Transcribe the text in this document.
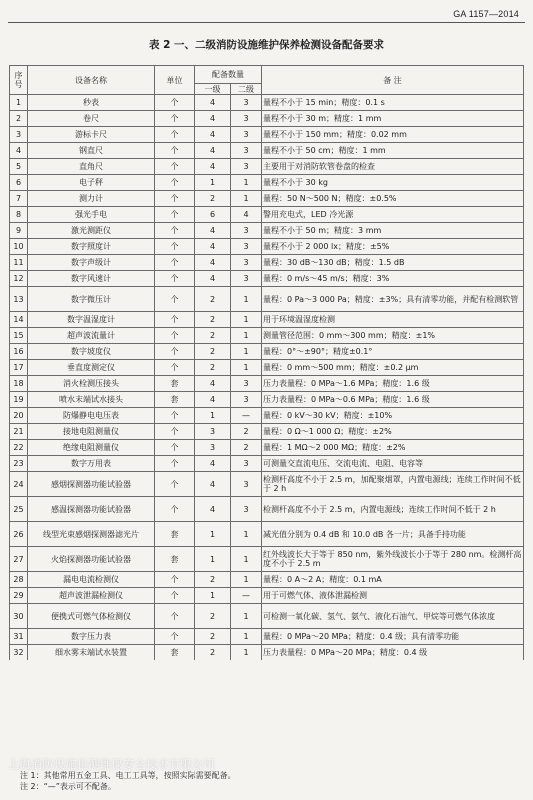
GA 1157—2014
表 2 一、二级消防设施维护保养检测设备配备要求
序号	设备名称	单位	配备数量		备 注
			一级	二级	
1	秒表	个	4	3	量程不小于 15 min；精度：0.1 s
2	卷尺	个	4	3	量程不小于 30 m；精度：1 mm
3	游标卡尺	个	4	3	量程不小于 150 mm；精度：0.02 mm
4	钢直尺	个	4	3	量程不小于 50 cm；精度：1 mm
5	直角尺	个	4	3	主要用于对消防软管卷盘的检查
6	电子秤	个	1	1	量程不小于 30 kg
7	测力计	个	2	1	量程：50 N～500 N；精度：±0.5%
8	强光手电	个	6	4	警用充电式，LED 冷光源
9	激光测距仪	个	4	3	量程不小于 50 m；精度：3 mm
10	数字照度计	个	4	3	量程不小于 2 000 lx；精度：±5%
11	数字声级计	个	4	3	量程：30 dB～130 dB；精度：1.5 dB
12	数字风速计	个	4	3	量程：0 m/s～45 m/s；精度：3%
13	数字微压计	个	2	1	量程：0 Pa～3 000 Pa；精度：±3%；具有清零功能，并配有检测软管
14	数字温湿度计	个	2	1	用于环境温湿度检测
15	超声波流量计	个	2	1	测量管径范围：0 mm～300 mm；精度：±1%
16	数字坡度仪	个	2	1	量程：0°～±90°；精度±0.1°
17	垂直度测定仪	个	2	1	量程：0 mm～500 mm；精度：±0.2 μm
18	消火栓测压接头	套	4	3	压力表量程：0 MPa～1.6 MPa；精度：1.6 级
19	喷水末端试水接头	套	4	3	压力表量程：0 MPa～0.6 MPa；精度：1.6 级
20	防爆静电电压表	个	1	—	量程：0 kV～30 kV；精度：±10%
21	接地电阻测量仪	个	3	2	量程：0 Ω～1 000 Ω；精度：±2%
22	绝缘电阻测量仪	个	3	2	量程：1 MΩ～2 000 MΩ；精度：±2%
23	数字万用表	个	4	3	可测量交直流电压、交流电流、电阻、电容等
24	感烟探测器功能试验器	个	4	3	检测杆高度不小于 2.5 m，加配聚烟罩，内置电源线；连续工作时间不低于 2 h
25	感温探测器功能试验器	个	4	3	检测杆高度不小于 2.5 m，内置电源线；连续工作时间不低于 2 h
26	线型光束感烟探测器滤光片	套	1	1	减光值分别为 0.4 dB 和 10.0 dB 各一片；具备手持功能
27	火焰探测器功能试验器	套	1	1	红外线波长大于等于 850 nm，紫外线波长小于等于 280 nm。检测杆高度不小于 2.5 m
28	漏电电流检测仪	个	2	1	量程：0 A～2 A；精度：0.1 mA
29	超声波泄漏检测仪	个	1	—	用于可燃气体、液体泄漏检测
30	便携式可燃气体检测仪	个	2	1	可检测一氧化碳、氢气、氨气、液化石油气、甲烷等可燃气体浓度
31	数字压力表	个	2	1	量程：0 MPa～20 MPa；精度：0.4 级；具有清零功能
32	细水雾末端试水装置	套	2	1	压力表量程：0 MPa～20 MPa；精度：0.4 级
注 1：其他常用五金工具、电工工具等，按照实际需要配备。
注 2：“—”表示可不配备。
上海消防设施检测维保安全技术有限公司
